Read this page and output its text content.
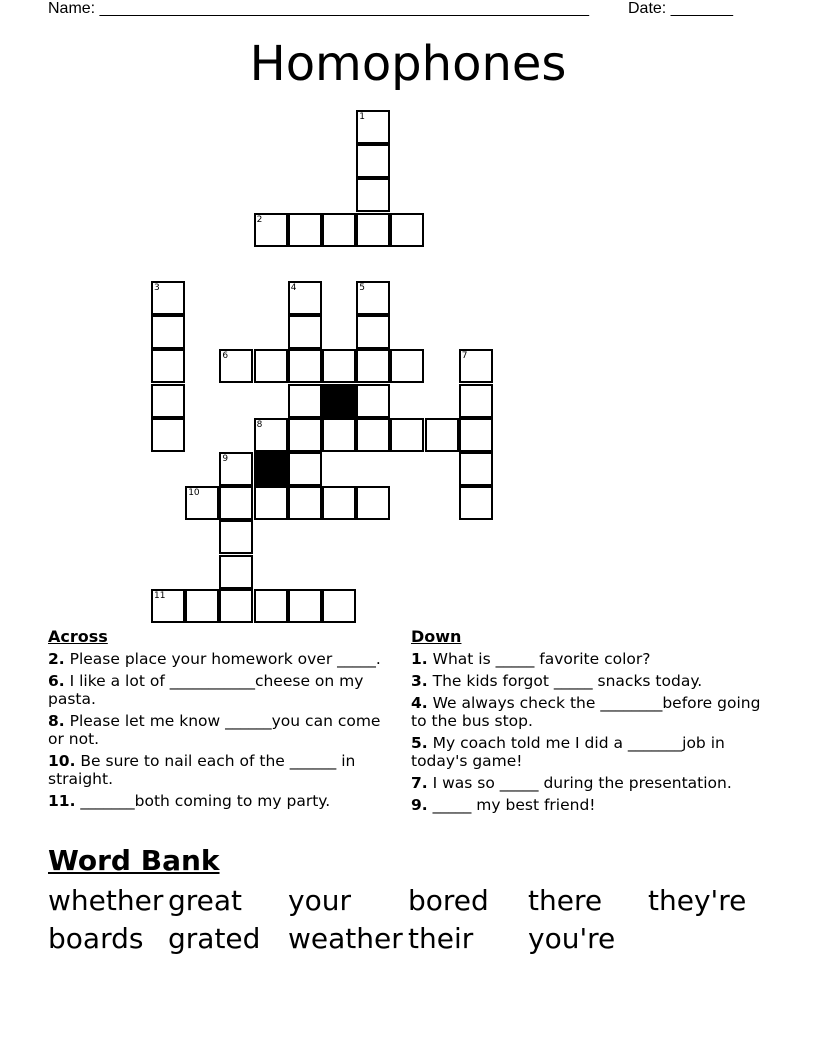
Name: _______________________________________________________ Date: _______
Homophones
1
2
3	4	5
6	7
8
9
10
11
Across
2. Please place your homework over _____.
6. I like a lot of ___________cheese on my pasta.
8. Please let me know ______you can come or not.
10. Be sure to nail each of the ______ in straight.
11. _______both coming to my party.
Down
1. What is _____ favorite color?
3. The kids forgot _____ snacks today.
4. We always check the ________before going to the bus stop.
5. My coach told me I did a _______job in today's game!
7. I was so _____ during the presentation.
9. _____ my best friend!
Word Bank
whether great	your	bored	there	they're
boards grated weather their	you're
